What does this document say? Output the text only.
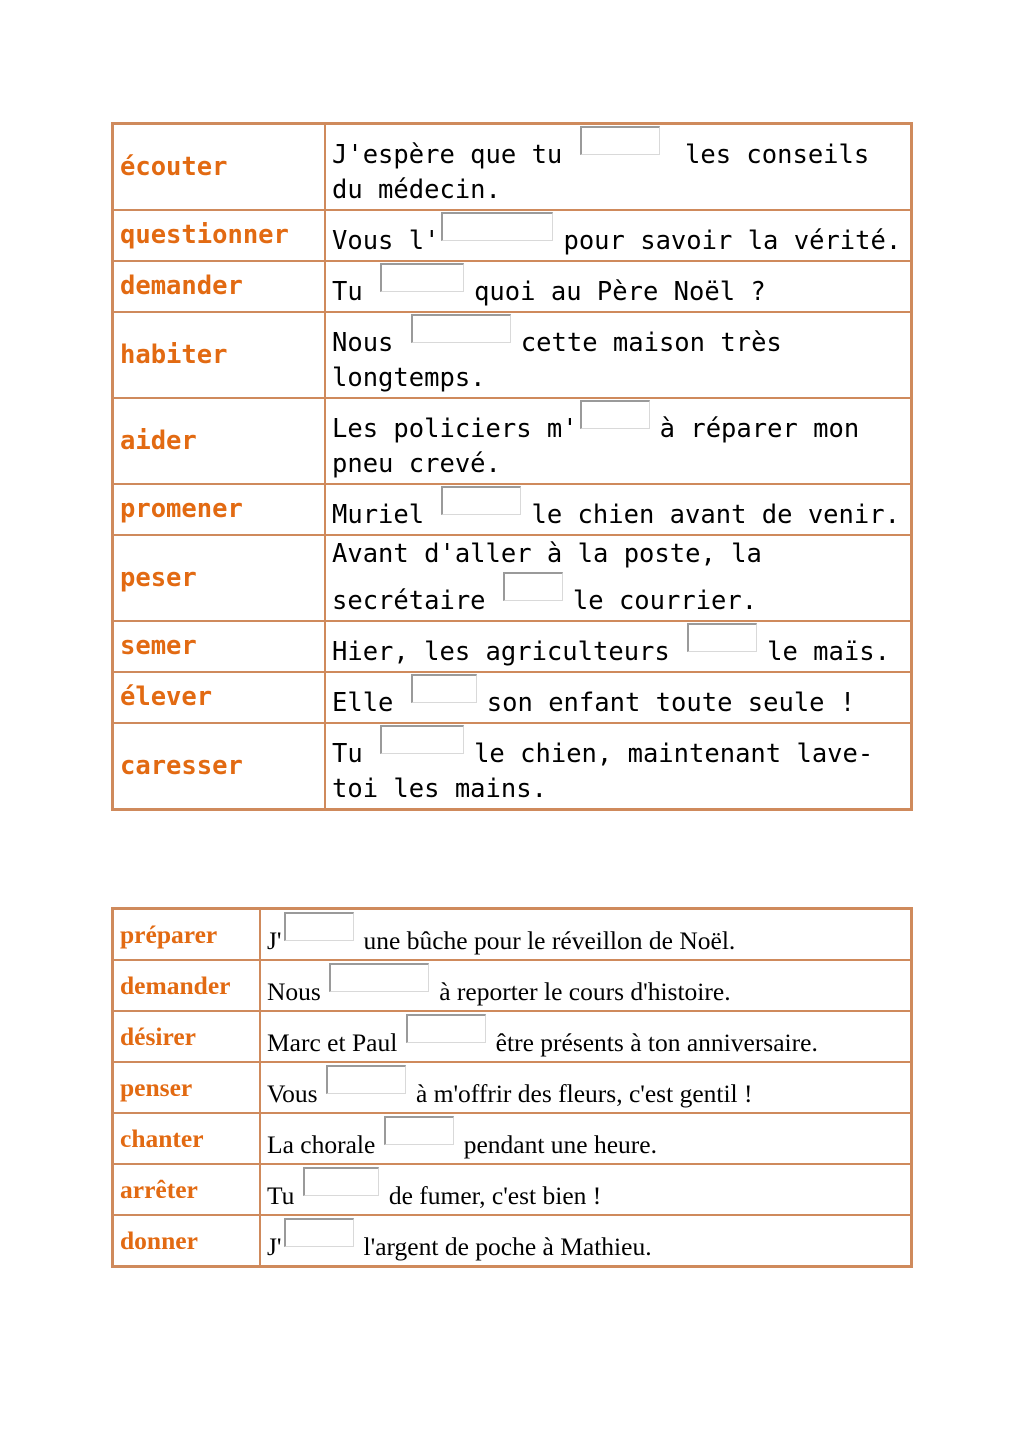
écouter	J'espère que tu les conseils du médecin.
questionner	Vous l' pour savoir la vérité.
demander	Tu quoi au Père Noël ?
habiter	Nous cette maison très longtemps.
aider	Les policiers m' à réparer mon pneu crevé.
promener	Muriel le chien avant de venir.
peser	Avant d'aller à la poste, la secrétaire le courrier.
semer	Hier, les agriculteurs le maïs.
élever	Elle son enfant toute seule !
caresser	Tu le chien, maintenant lave-toi les mains.
préparer	J' une bûche pour le réveillon de Noël.
demander	Nous à reporter le cours d'histoire.
désirer	Marc et Paul être présents à ton anniversaire.
penser	Vous à m'offrir des fleurs, c'est gentil !
chanter	La chorale pendant une heure.
arrêter	Tu de fumer, c'est bien !
donner	J' l'argent de poche à Mathieu.
